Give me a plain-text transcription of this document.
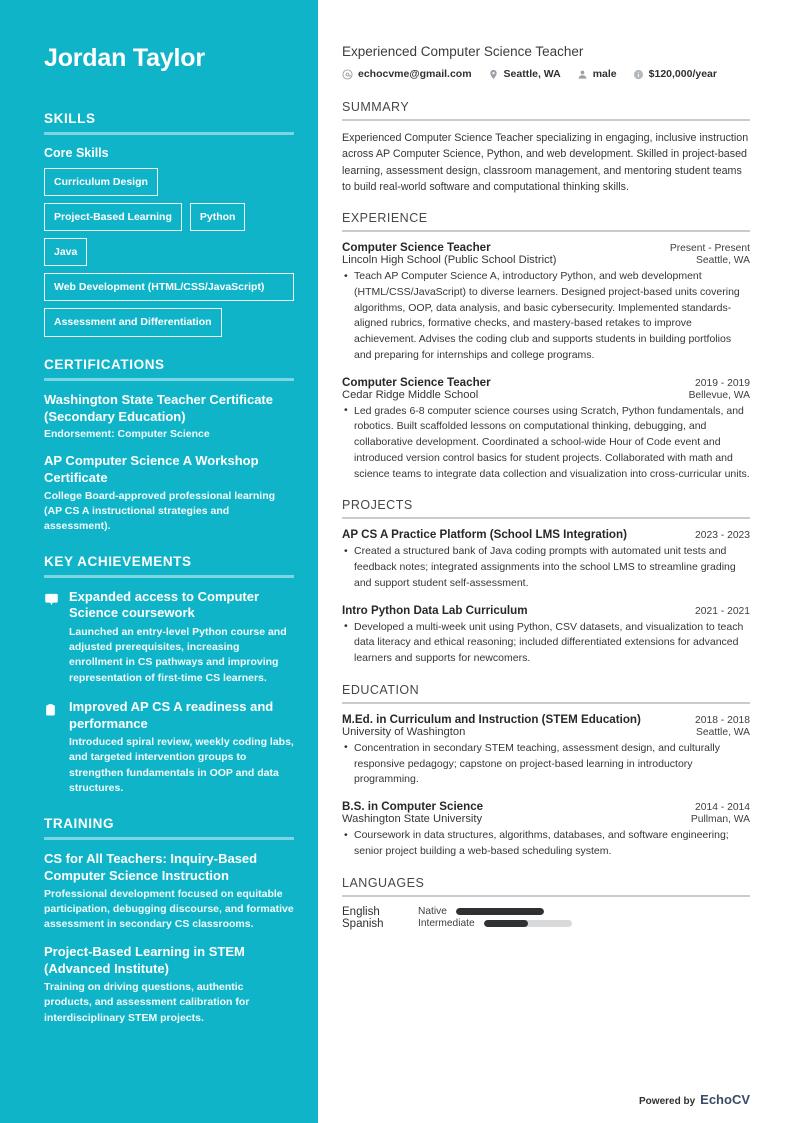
Jordan Taylor
SKILLS
Core Skills
Curriculum Design
Project-Based Learning	Python
Java
Web Development (HTML/CSS/JavaScript)
Assessment and Differentiation
CERTIFICATIONS
Washington State Teacher Certificate (Secondary Education)
Endorsement: Computer Science
AP Computer Science A Workshop Certificate
College Board-approved professional learning (AP CS A instructional strategies and assessment).
KEY ACHIEVEMENTS
Expanded access to Computer Science coursework
Launched an entry-level Python course and adjusted prerequisites, increasing enrollment in CS pathways and improving representation of first-time CS learners.
Improved AP CS A readiness and performance
Introduced spiral review, weekly coding labs, and targeted intervention groups to strengthen fundamentals in OOP and data structures.
TRAINING
CS for All Teachers: Inquiry-Based Computer Science Instruction
Professional development focused on equitable participation, debugging discourse, and formative assessment in secondary CS classrooms.
Project-Based Learning in STEM (Advanced Institute)
Training on driving questions, authentic products, and assessment calibration for interdisciplinary STEM projects.
Experienced Computer Science Teacher
echocvme@gmail.com	Seattle, WA	male	$120,000/year
SUMMARY

Experienced Computer Science Teacher specializing in engaging, inclusive instruction across AP Computer Science, Python, and web development. Skilled in project-based learning, assessment design, classroom management, and mentoring student teams to build real-world software and computational thinking skills.

EXPERIENCE
Computer Science Teacher	Present - Present
Lincoln High School (Public School District)	Seattle, WA
• Teach AP Computer Science A, introductory Python, and web development (HTML/CSS/JavaScript) to diverse learners. Designed project-based units covering algorithms, OOP, data analysis, and basic cybersecurity. Implemented standards-aligned rubrics, formative checks, and mastery-based retakes to improve achievement. Advises the coding club and supports students in building portfolios and preparing for internships and college programs.
Computer Science Teacher	2019 - 2019
Cedar Ridge Middle School	Bellevue, WA
• Led grades 6-8 computer science courses using Scratch, Python fundamentals, and robotics. Built scaffolded lessons on computational thinking, debugging, and collaborative development. Coordinated a school-wide Hour of Code event and introduced version control basics for student projects. Collaborated with math and science teams to integrate data collection and visualization into cross-curricular units.
PROJECTS
AP CS A Practice Platform (School LMS Integration)	2023 - 2023
• Created a structured bank of Java coding prompts with automated unit tests and feedback notes; integrated assignments into the school LMS to streamline grading and support student self-assessment.
Intro Python Data Lab Curriculum	2021 - 2021
• Developed a multi-week unit using Python, CSV datasets, and visualization to teach data literacy and ethical reasoning; included differentiated extensions for advanced learners and supports for newcomers.
EDUCATION
M.Ed. in Curriculum and Instruction (STEM Education)	2018 - 2018
University of Washington	Seattle, WA
• Concentration in secondary STEM teaching, assessment design, and culturally responsive pedagogy; capstone on project-based learning in introductory programming.
B.S. in Computer Science	2014 - 2014
Washington State University	Pullman, WA
• Coursework in data structures, algorithms, databases, and software engineering; senior project building a web-based scheduling system.
LANGUAGES
English	Native
Spanish	Intermediate
Powered by EchoCV
